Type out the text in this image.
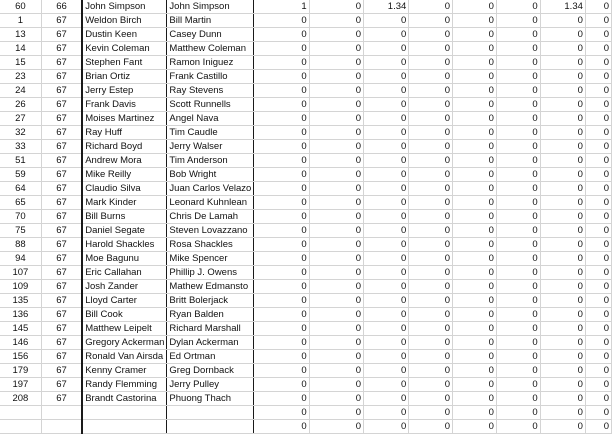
60	66	John Simpson	John Simpson	1	0	1.34	0	0	0	1.34	0
1	67	Weldon Birch	Bill Martin	0	0	0	0	0	0	0	0
13	67	Dustin Keen	Casey Dunn	0	0	0	0	0	0	0	0
14	67	Kevin Coleman	Matthew Coleman	0	0	0	0	0	0	0	0
15	67	Stephen Fant	Ramon Iniguez	0	0	0	0	0	0	0	0
23	67	Brian Ortiz	Frank Castillo	0	0	0	0	0	0	0	0
24	67	Jerry Estep	Ray Stevens	0	0	0	0	0	0	0	0
26	67	Frank Davis	Scott Runnells	0	0	0	0	0	0	0	0
27	67	Moises Martinez	Angel Nava	0	0	0	0	0	0	0	0
32	67	Ray Huff	Tim Caudle	0	0	0	0	0	0	0	0
33	67	Richard Boyd	Jerry Walser	0	0	0	0	0	0	0	0
51	67	Andrew Mora	Tim Anderson	0	0	0	0	0	0	0	0
59	67	Mike Reilly	Bob Wright	0	0	0	0	0	0	0	0
64	67	Claudio Silva	Juan Carlos Velazo	0	0	0	0	0	0	0	0
65	67	Mark Kinder	Leonard Kuhnlean	0	0	0	0	0	0	0	0
70	67	Bill Burns	Chris De Lamah	0	0	0	0	0	0	0	0
75	67	Daniel Segate	Steven Lovazzano	0	0	0	0	0	0	0	0
88	67	Harold Shackles	Rosa Shackles	0	0	0	0	0	0	0	0
94	67	Moe Bagunu	Mike Spencer	0	0	0	0	0	0	0	0
107	67	Eric Callahan	Phillip J. Owens	0	0	0	0	0	0	0	0
109	67	Josh Zander	Mathew Edmansto	0	0	0	0	0	0	0	0
135	67	Lloyd Carter	Britt Bolerjack	0	0	0	0	0	0	0	0
136	67	Bill Cook	Ryan Balden	0	0	0	0	0	0	0	0
145	67	Matthew Leipelt	Richard Marshall	0	0	0	0	0	0	0	0
146	67	Gregory Ackerman	Dylan Ackerman	0	0	0	0	0	0	0	0
156	67	Ronald Van Airsda	Ed Ortman	0	0	0	0	0	0	0	0
179	67	Kenny Cramer	Greg Dornback	0	0	0	0	0	0	0	0
197	67	Randy Flemming	Jerry Pulley	0	0	0	0	0	0	0	0
208	67	Brandt Castorina	Phuong Thach	0	0	0	0	0	0	0	0
				0	0	0	0	0	0	0	0
				0	0	0	0	0	0	0	0
